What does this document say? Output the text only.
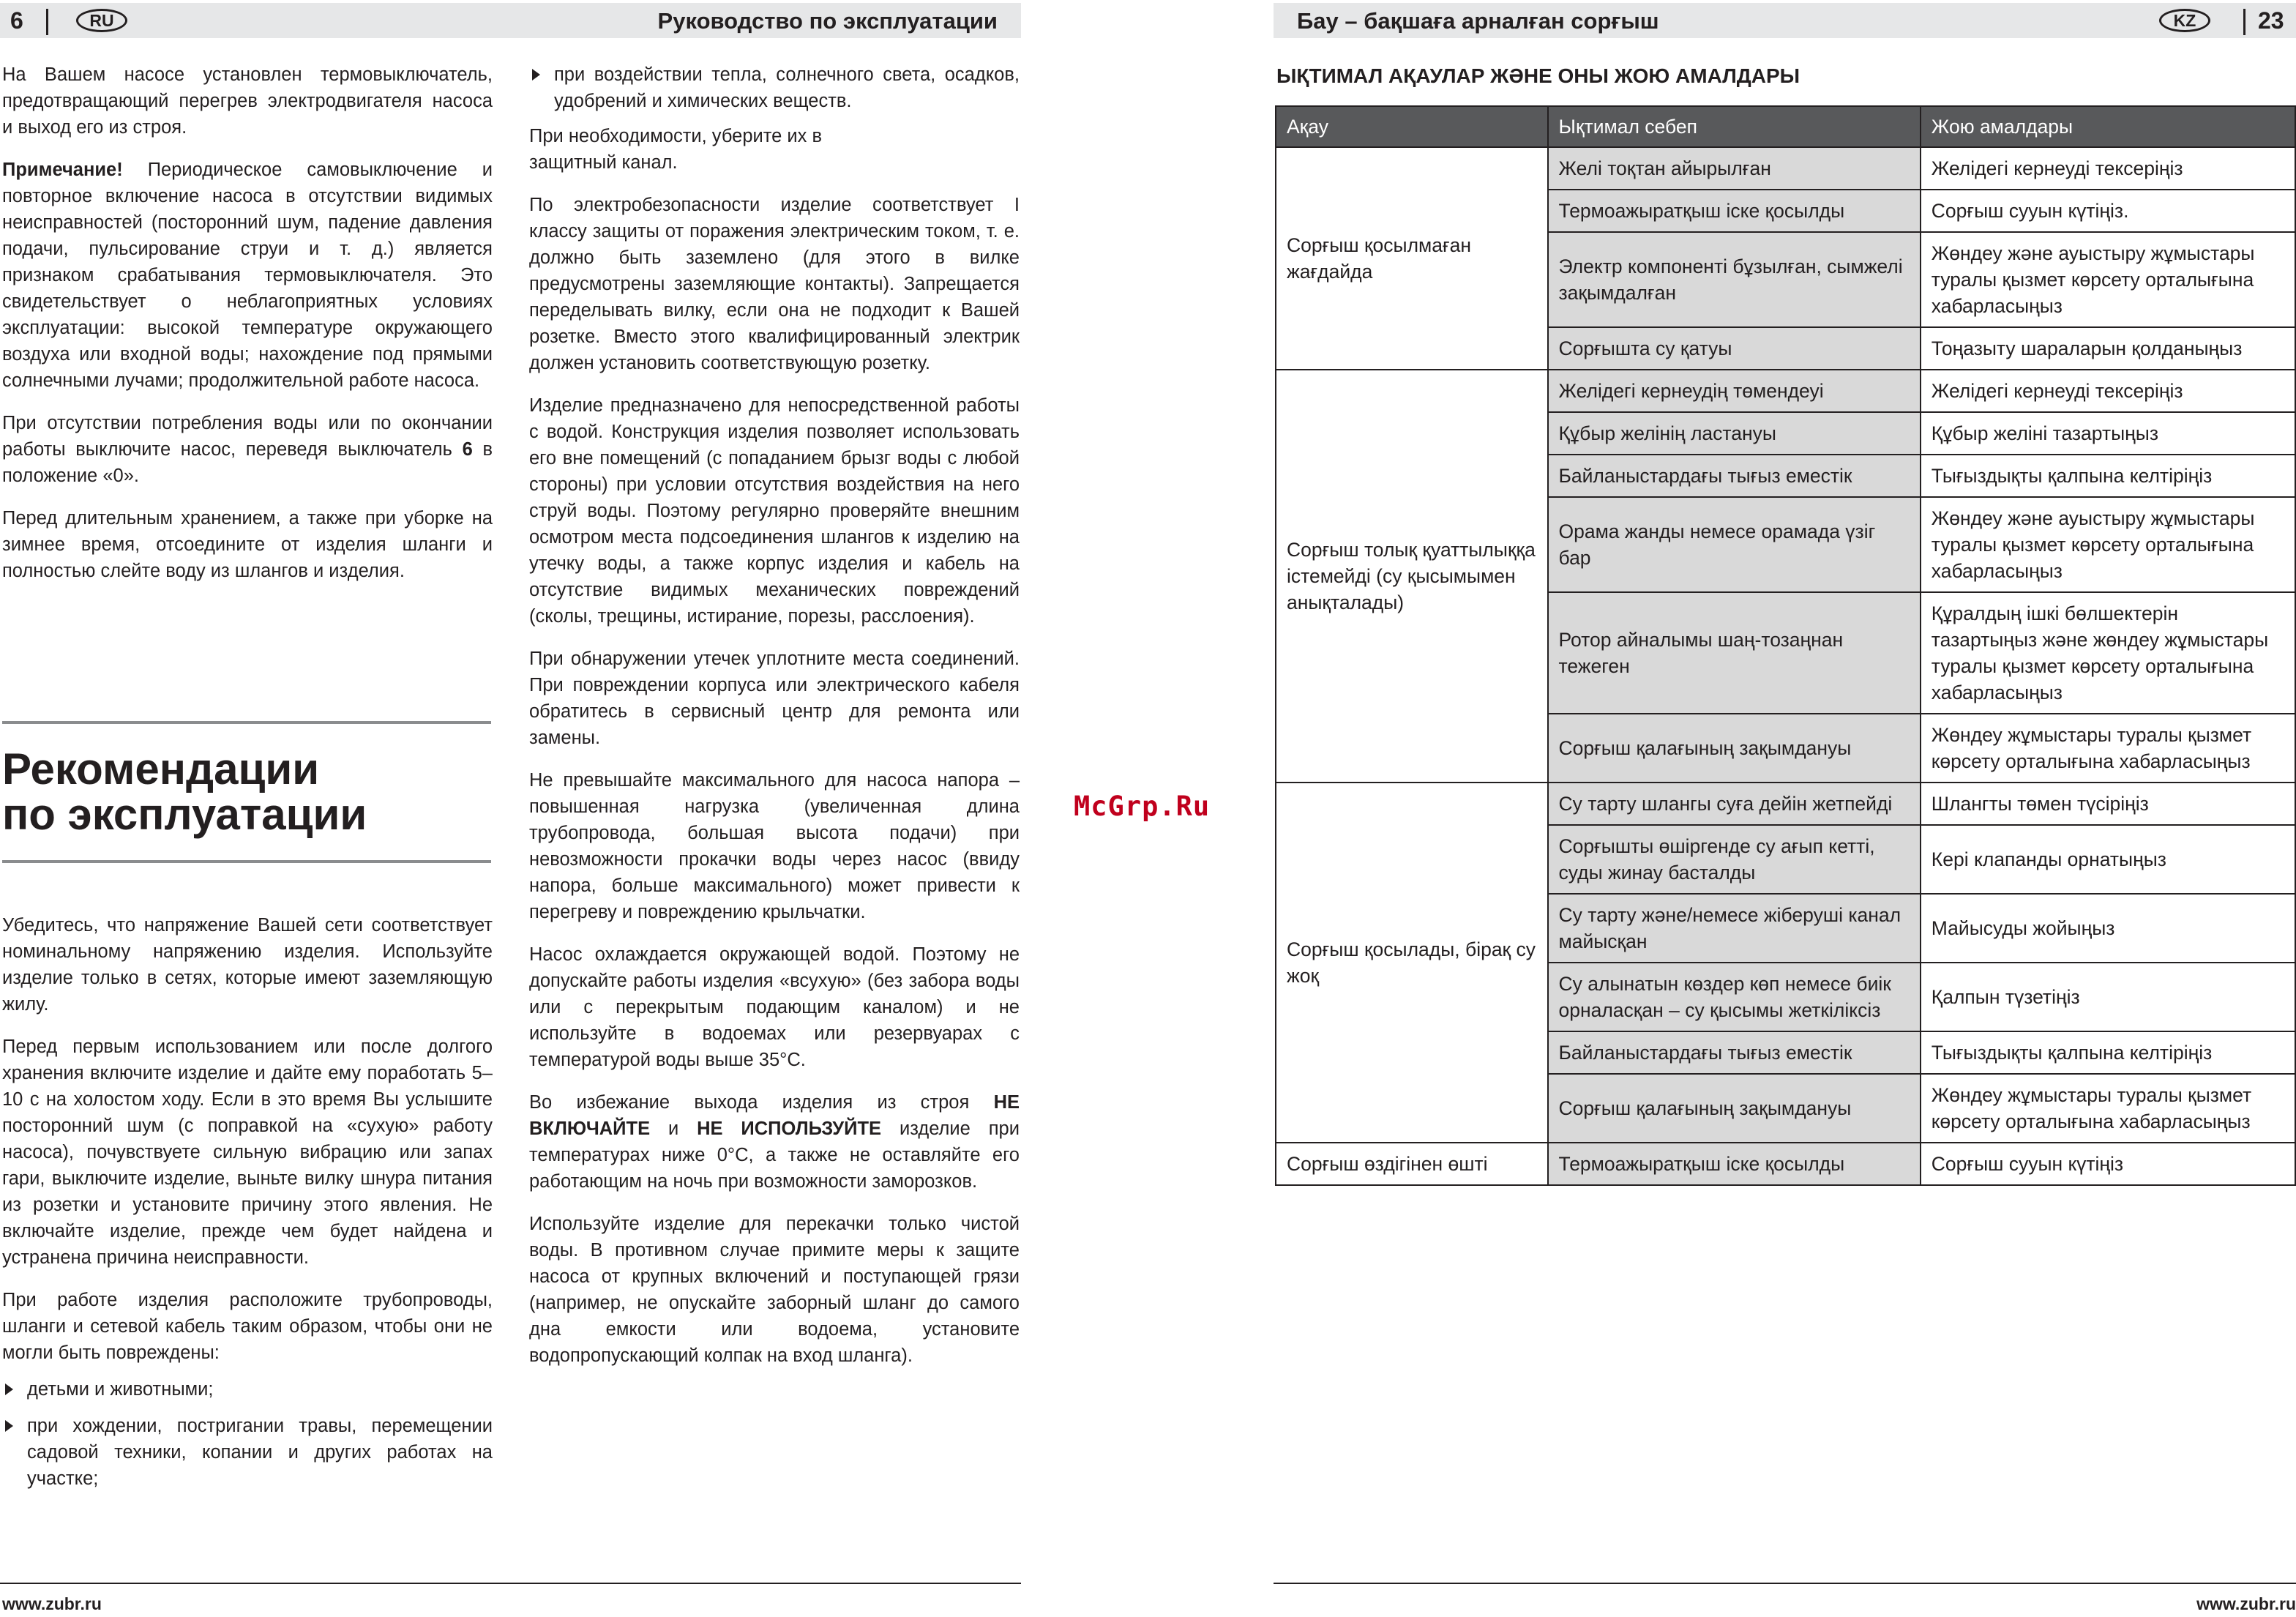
6	RU	Руководство по эксплуатации

На Вашем насосе установлен термовыключатель, предотвращающий перегрев электродвигателя насоса и выход его из строя.

Примечание! Периодическое самовыключение и повторное включение насоса в отсутствии видимых неисправностей (посторонний шум, падение давления подачи, пульсирование струи и т. д.) является признаком срабатывания термовыключателя. Это свидетельствует о неблагоприятных условиях эксплуатации: высокой температуре окружающего воздуха или входной воды; нахождение под прямыми солнечными лучами; продолжительной работе насоса.

При отсутствии потребления воды или по окончании работы выключите насос, переведя выключатель 6 в положение «0».

Перед длительным хранением, а также при уборке на зимнее время, отсоедините от изделия шланги и полностью слейте воду из шлангов и изделия.

Рекомендации
по эксплуатации

Убедитесь, что напряжение Вашей сети соответствует номинальному напряжению изделия. Используйте изделие только в сетях, которые имеют заземляющую жилу.

Перед первым использованием или после долгого хранения включите изделие и дайте ему поработать 5–10 с на холостом ходу. Если в это время Вы услышите посторонний шум (с поправкой на «сухую» работу насоса), почувствуете сильную вибрацию или запах гари, выключите изделие, выньте вилку шнура питания из розетки и установите причину этого явления. Не включайте изделие, прежде чем будет найдена и устранена причина неисправности.

При работе изделия расположите трубопроводы, шланги и сетевой кабель таким образом, чтобы они не могли быть повреждены:

детьми и животными;
при хождении, постригании травы, перемещении садовой техники, копании и других работах на участке;
при воздействии тепла, солнечного света, осадков, удобрений и химических веществ.

При необходимости, уберите их в защитный канал.

По электробезопасности изделие соответствует I классу защиты от поражения электрическим током, т. е. должно быть заземлено (для этого в вилке предусмотрены заземляющие контакты). Запрещается переделывать вилку, если она не подходит к Вашей розетке. Вместо этого квалифицированный электрик должен установить соответствующую розетку.

Изделие предназначено для непосредственной работы с водой. Конструкция изделия позволяет использовать его вне помещений (с попаданием брызг воды с любой стороны) при условии отсутствия воздействия на него струй воды. Поэтому регулярно проверяйте внешним осмотром места подсоединения шлангов к изделию на утечку воды, а также корпус изделия и кабель на отсутствие видимых механических повреждений (сколы, трещины, истирание, порезы, расслоения).

При обнаружении утечек уплотните места соединений. При повреждении корпуса или электрического кабеля обратитесь в сервисный центр для ремонта или замены.

Не превышайте максимального для насоса напора – повышенная нагрузка (увеличенная длина трубопровода, большая высота подачи) при невозможности прокачки воды через насос (ввиду напора, больше максимального) может привести к перегреву и повреждению крыльчатки.

Насос охлаждается окружающей водой. Поэтому не допускайте работы изделия «всухую» (без забора воды или с перекрытым подающим каналом) и не используйте в водоемах или резервуарах с температурой воды выше 35°C.

Во избежание выхода изделия из строя НЕ ВКЛЮЧАЙТЕ и НЕ ИСПОЛЬЗУЙТЕ изделие при температурах ниже 0°C, а также не оставляйте его работающим на ночь при возможности заморозков.

Используйте изделие для перекачки только чистой воды. В противном случае примите меры к защите насоса от крупных включений и поступающей грязи (например, не опускайте заборный шланг до самого дна емкости или водоема, установите водопропускающий колпак на вход шланга).

www.zubr.ru
McGrp.Ru
Бау – бақшаға арналған сорғыш	KZ	23
ЫҚТИМАЛ АҚАУЛАР ЖӘНЕ ОНЫ ЖОЮ АМАЛДАРЫ
Ақау	Ықтимал себеп	Жою амалдары
Сорғыш қосылмаған жағдайда	Желі тоқтан айырылған	Желідегі кернеуді тексеріңіз
	Термоажыратқыш іске қосылды	Сорғыш сууын күтіңіз.
	Электр компоненті бұзылған, сымжелі зақымдалған	Жөндеу және ауыстыру жұмыстары туралы қызмет көрсету орталығына хабарласыңыз
	Сорғышта су қатуы	Тоңазыту шараларын қолданыңыз
Сорғыш толық қуаттылыққа істемейді (су қысымымен анықталады)	Желідегі кернеудің төмендеуі	Желідегі кернеуді тексеріңіз
	Құбыр желінің ластануы	Құбыр желіні тазартыңыз
	Байланыстардағы тығыз еместік	Тығыздықты қалпына келтіріңіз
	Орама жанды немесе орамада үзіг бар	Жөндеу және ауыстыру жұмыстары туралы қызмет көрсету орталығына хабарласыңыз
	Ротор айналымы шаң-тозаңнан тежеген	Құралдың ішкі бөлшектерін тазартыңыз және жөндеу жұмыстары туралы қызмет көрсету орталығына хабарласыңыз
	Сорғыш қалағының зақымдануы	Жөндеу жұмыстары туралы қызмет көрсету орталығына хабарласыңыз
Сорғыш қосылады, бірақ су жоқ	Су тарту шлангы суға дейін жетпейді	Шлангты төмен түсіріңіз
	Сорғышты өшіргенде су ағып кетті, суды жинау басталды	Кері клапанды орнатыңыз
	Су тарту және/немесе жіберуші канал майысқан	Майысуды жойыңыз
	Су алынатын көздер көп немесе биік орналасқан – су қысымы жеткіліксіз	Қалпын түзетіңіз
	Байланыстардағы тығыз еместік	Тығыздықты қалпына келтіріңіз
	Сорғыш қалағының зақымдануы	Жөндеу жұмыстары туралы қызмет көрсету орталығына хабарласыңыз
Сорғыш өздігінен өшті	Термоажыратқыш іске қосылды	Сорғыш сууын күтіңіз
www.zubr.ru
